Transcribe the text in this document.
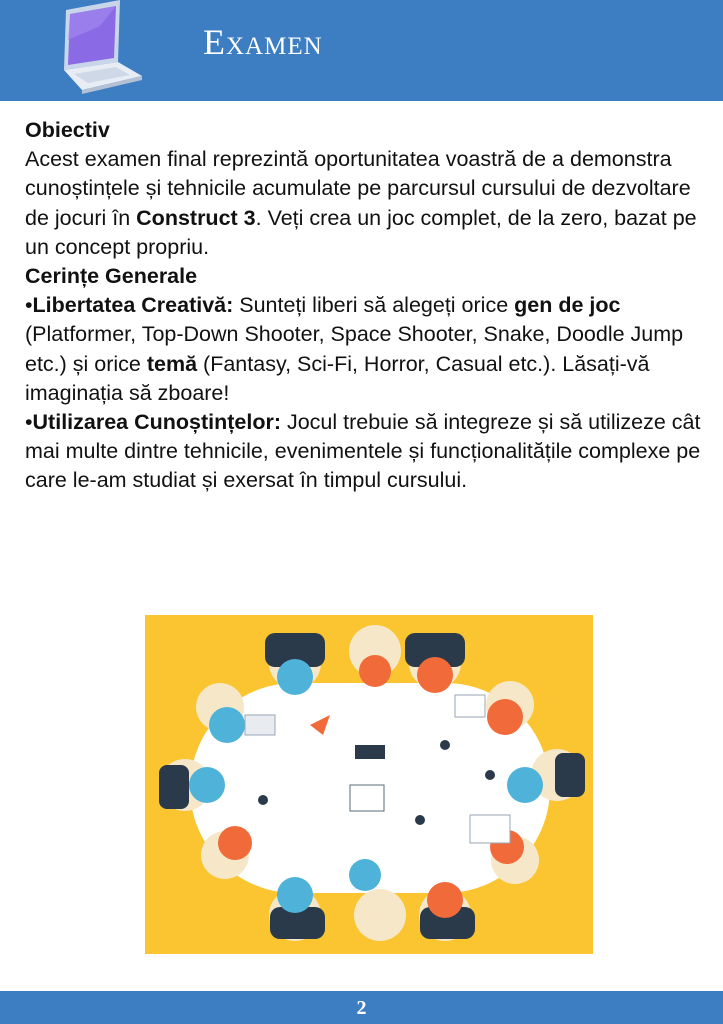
Examen

Obiectiv
Acest examen final reprezintă oportunitatea voastră de a demonstra cunoștințele și tehnicile acumulate pe parcursul cursului de dezvoltare de jocuri în Construct 3. Veți crea un joc complet, de la zero, bazat pe un concept propriu.

Cerințe Generale

•Libertatea Creativă: Sunteți liberi să alegeți orice gen de joc (Platformer, Top-Down Shooter, Space Shooter, Snake, Doodle Jump etc.) și orice temă (Fantasy, Sci-Fi, Horror, Casual etc.). Lăsați-vă imaginația să zboare!

•Utilizarea Cunoștințelor: Jocul trebuie să integreze și să utilizeze cât mai multe dintre tehnicile, evenimentele și funcționalitățile complexe pe care le-am studiat și exersat în timpul cursului.

2
